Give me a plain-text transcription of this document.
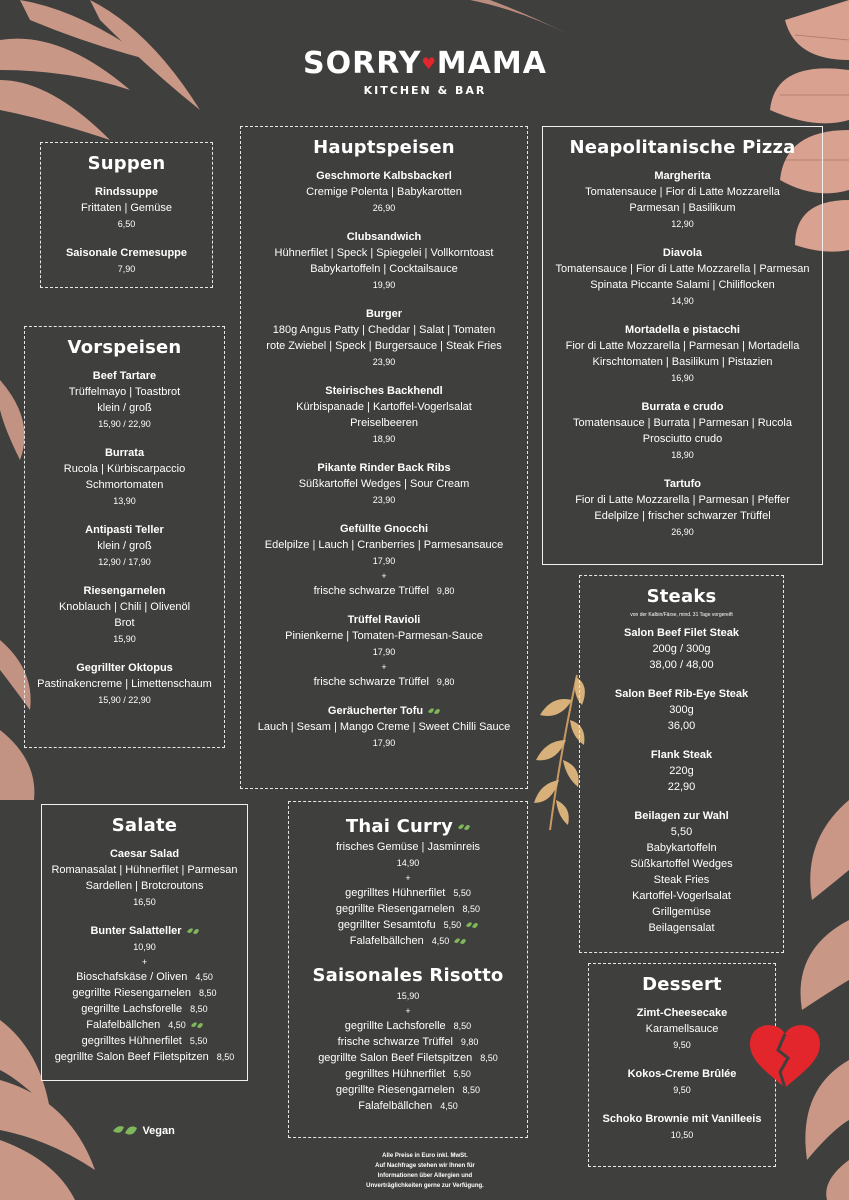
SORRY♥MAMA
KITCHEN & BAR
Suppen
Rindssuppe
Frittaten | Gemüse
6,50
Saisonale Cremesuppe
7,90
Vorspeisen
Beef Tartare
Trüffelmayo | Toastbrot
klein / groß
15,90 / 22,90
Burrata
Rucola | Kürbiscarpaccio
Schmortomaten
13,90
Antipasti Teller
klein / groß
12,90 / 17,90
Riesengarnelen
Knoblauch | Chili | Olivenöl
Brot
15,90
Gegrillter Oktopus
Pastinakencreme | Limettenschaum
15,90 / 22,90
Hauptspeisen
Geschmorte Kalbsbackerl
Cremige Polenta | Babykarotten
26,90
Clubsandwich
Hühnerfilet | Speck | Spiegelei | Vollkorntoast
Babykartoffeln | Cocktailsauce
19,90
Burger
180g Angus Patty | Cheddar | Salat | Tomaten
rote Zwiebel | Speck | Burgersauce | Steak Fries
23,90
Steirisches Backhendl
Kürbispanade | Kartoffel-Vogerlsalat
Preiselbeeren
18,90
Pikante Rinder Back Ribs
Süßkartoffel Wedges | Sour Cream
23,90
Gefüllte Gnocchi
Edelpilze | Lauch | Cranberries | Parmesansauce
17,90
+
frische schwarze Trüffel 9,80
Trüffel Ravioli
Pinienkerne | Tomaten-Parmesan-Sauce
17,90
+
frische schwarze Trüffel 9,80
Geräucherter Tofu
Lauch | Sesam | Mango Creme | Sweet Chilli Sauce
17,90
Neapolitanische Pizza
Margherita
Tomatensauce | Fior di Latte Mozzarella
Parmesan | Basilikum
12,90
Diavola
Tomatensauce | Fior di Latte Mozzarella | Parmesan
Spinata Piccante Salami | Chiliflocken
14,90
Mortadella e pistacchi
Fior di Latte Mozzarella | Parmesan | Mortadella
Kirschtomaten | Basilikum | Pistazien
16,90
Burrata e crudo
Tomatensauce | Burrata | Parmesan | Rucola
Prosciutto crudo
18,90
Tartufo
Fior di Latte Mozzarella | Parmesan | Pfeffer
Edelpilze | frischer schwarzer Trüffel
26,90
Steaks
von der Kalbin/Färse, mind. 31 Tage vorgereift
Salon Beef Filet Steak
200g / 300g
38,00 / 48,00
Salon Beef Rib-Eye Steak
300g
36,00
Flank Steak
220g
22,90
Beilagen zur Wahl
5,50
Babykartoffeln
Süßkartoffel Wedges
Steak Fries
Kartoffel-Vogerlsalat
Grillgemüse
Beilagensalat
Salate
Caesar Salad
Romanasalat | Hühnerfilet | Parmesan
Sardellen | Brotcroutons
16,50
Bunter Salatteller
10,90
+
Bioschafskäse / Oliven 4,50
gegrillte Riesengarnelen 8,50
gegrillte Lachsforelle 8,50
Falafelbällchen 4,50
gegrilltes Hühnerfilet 5,50
gegrillte Salon Beef Filetspitzen 8,50
Thai Curry
frisches Gemüse | Jasminreis
14,90
+
gegrilltes Hühnerfilet 5,50
gegrillte Riesengarnelen 8,50
gegrillter Sesamtofu 5,50
Falafelbällchen 4,50
Saisonales Risotto
15,90
+
gegrillte Lachsforelle 8,50
frische schwarze Trüffel 9,80
gegrillte Salon Beef Filetspitzen 8,50
gegrilltes Hühnerfilet 5,50
gegrillte Riesengarnelen 8,50
Falafelbällchen 4,50
Dessert
Zimt-Cheesecake
Karamellsauce
9,50
Kokos-Creme Brûlée
9,50
Schoko Brownie mit Vanilleeis
10,50
Vegan
Alle Preise in Euro inkl. MwSt.
Auf Nachfrage stehen wir Ihnen für
Informationen über Allergien und
Unverträglichkeiten gerne zur Verfügung.
